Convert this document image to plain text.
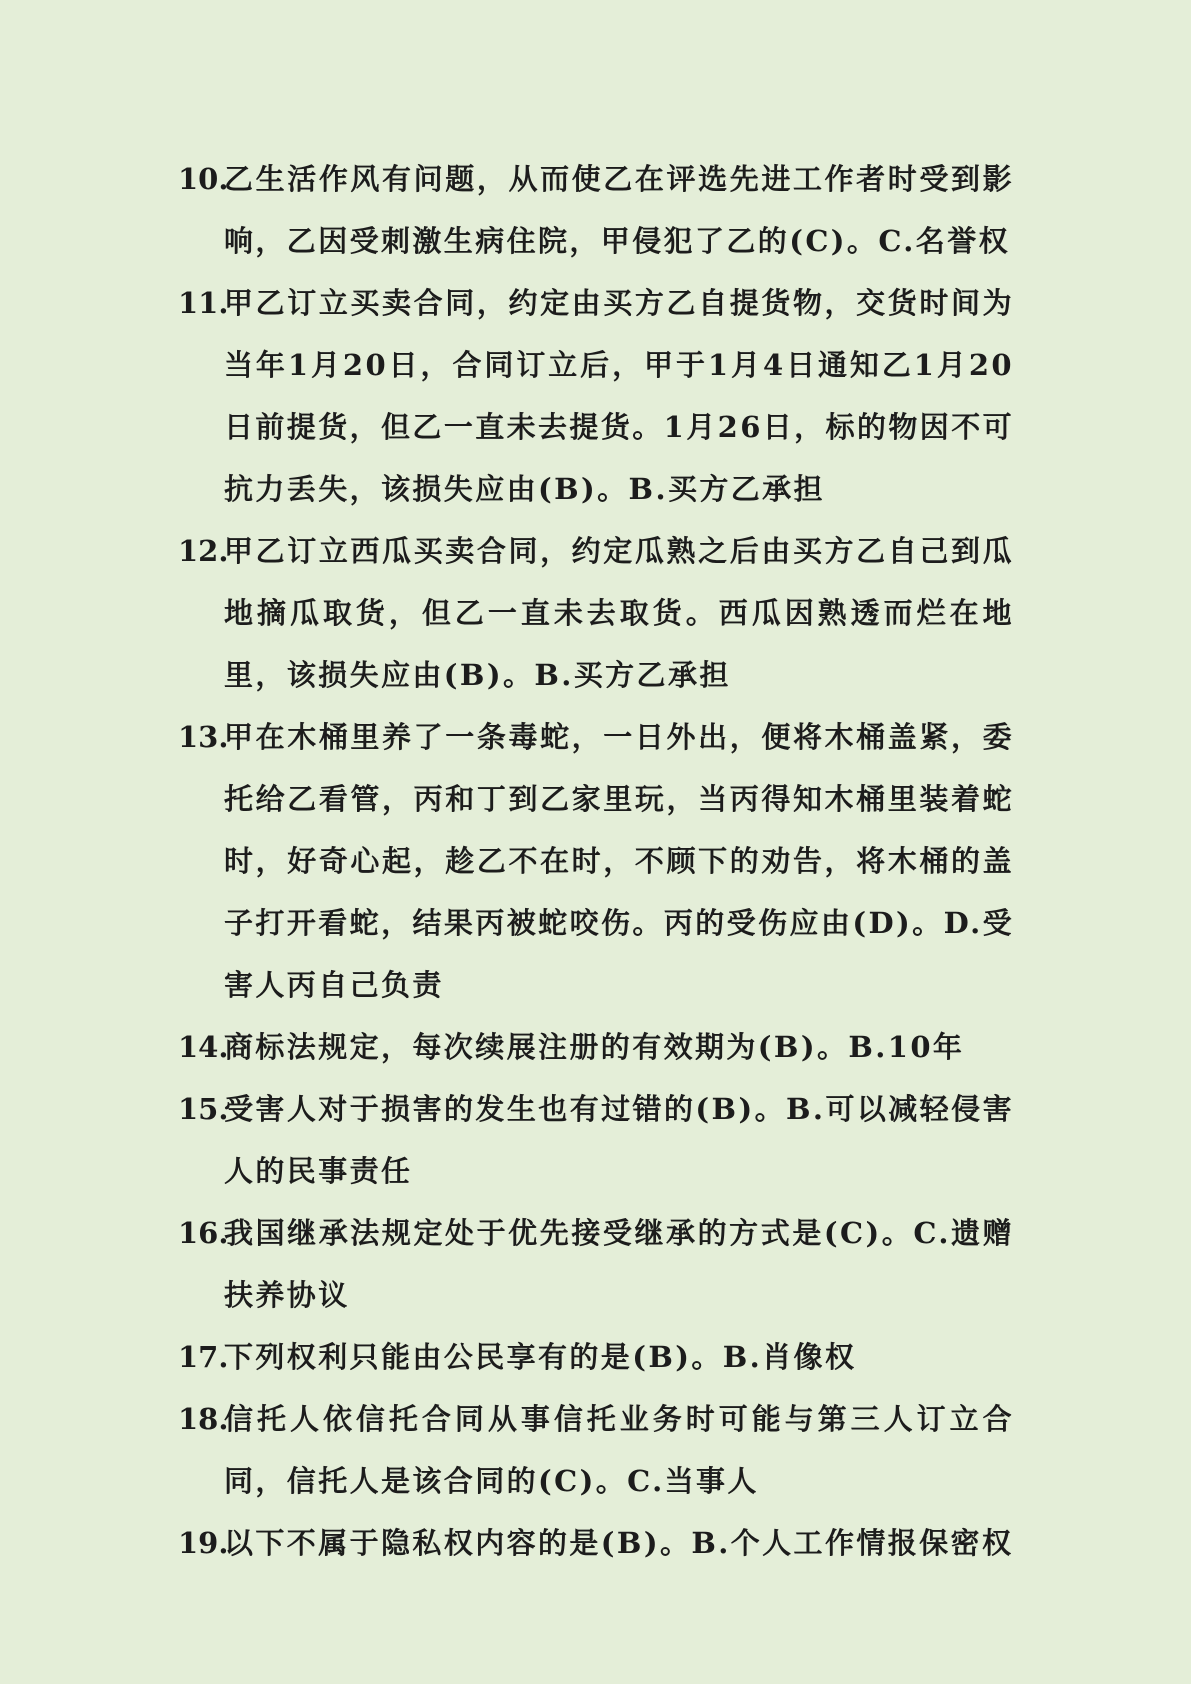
10.
乙生活作风有问题，从而使乙在评选先进工作者时受到影响，乙因受刺激生病住院，甲侵犯了乙的(C)。C.名誉权
11.
甲乙订立买卖合同，约定由买方乙自提货物，交货时间为当年1月20日，合同订立后，甲于1月4日通知乙1月20日前提货，但乙一直未去提货。1月26日，标的物因不可抗力丢失，该损失应由(B)。B.买方乙承担
12.
甲乙订立西瓜买卖合同，约定瓜熟之后由买方乙自己到瓜地摘瓜取货，但乙一直未去取货。西瓜因熟透而烂在地里，该损失应由(B)。B.买方乙承担
13.
甲在木桶里养了一条毒蛇，一日外出，便将木桶盖紧，委托给乙看管，丙和丁到乙家里玩，当丙得知木桶里装着蛇时，好奇心起，趁乙不在时，不顾下的劝告，将木桶的盖子打开看蛇，结果丙被蛇咬伤。丙的受伤应由(D)。D.受害人丙自己负责
14.
商标法规定，每次续展注册的有效期为(B)。B.10年
15.
受害人对于损害的发生也有过错的(B)。B.可以减轻侵害人的民事责任
16.
我国继承法规定处于优先接受继承的方式是(C)。C.遗赠扶养协议
17.
下列权利只能由公民享有的是(B)。B.肖像权
18.
信托人依信托合同从事信托业务时可能与第三人订立合同，信托人是该合同的(C)。C.当事人
19.
以下不属于隐私权内容的是(B)。B.个人工作情报保密权
